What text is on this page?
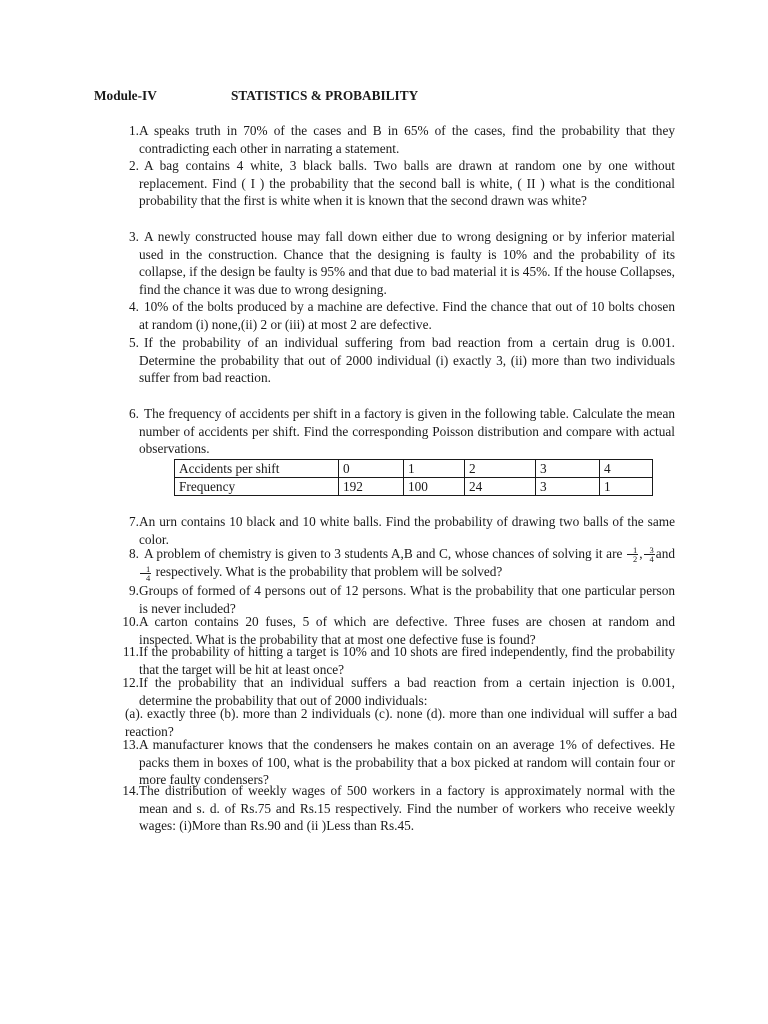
Module-IV	STATISTICS & PROBABILITY
1. A speaks truth in 70% of the cases and B in 65% of the cases, find the probability that they contradicting each other in narrating a statement.
2. A bag contains 4 white, 3 black balls. Two balls are drawn at random one by one without replacement. Find ( I ) the probability that the second ball is white, ( II ) what is the conditional probability that the first is white when it is known that the second drawn was white?
3. A newly constructed house may fall down either due to wrong designing or by inferior material used in the construction. Chance that the designing is faulty is 10% and the probability of its collapse, if the design be faulty is 95% and that due to bad material it is 45%. If the house Collapses, find the chance it was due to wrong designing.
4. 10% of the bolts produced by a machine are defective. Find the chance that out of 10 bolts chosen at random (i) none,(ii) 2 or (iii) at most 2 are defective.
5. If the probability of an individual suffering from bad reaction from a certain drug is 0.001. Determine the probability that out of 2000 individual (i) exactly 3, (ii) more than two individuals suffer from bad reaction.
6. The frequency of accidents per shift in a factory is given in the following table. Calculate the mean number of accidents per shift. Find the corresponding Poisson distribution and compare with actual observations.
Accidents per shift	0	1	2	3	4
Frequency	192	100	24	3	1
7. An urn contains 10 black and 10 white balls. Find the probability of drawing two balls of the same color.
8. A problem of chemistry is given to 3 students A,B and C, whose chances of solving it are $\frac{1}{2}$ , $\frac{3}{4}$ and
$\frac{1}{4}$ respectively. What is the probability that problem will be solved?
9. Groups of formed of 4 persons out of 12 persons. What is the probability that one particular person is never included?
10. A carton contains 20 fuses, 5 of which are defective. Three fuses are chosen at random and inspected. What is the probability that at most one defective fuse is found?
11. If the probability of hitting a target is 10% and 10 shots are fired independently, find the probability that the target will be hit at least once?
12. If the probability that an individual suffers a bad reaction from a certain injection is 0.001, determine the probability that out of 2000 individuals:
(a). exactly three (b). more than 2 individuals (c). none (d). more than one individual will suffer a bad reaction?
13. A manufacturer knows that the condensers he makes contain on an average 1% of defectives. He packs them in boxes of 100, what is the probability that a box picked at random will contain four or more faulty condensers?
14. The distribution of weekly wages of 500 workers in a factory is approximately normal with the mean and s. d. of Rs.75 and Rs.15 respectively. Find the number of workers who receive weekly wages: (i)More than Rs.90 and (ii )Less than Rs.45.
